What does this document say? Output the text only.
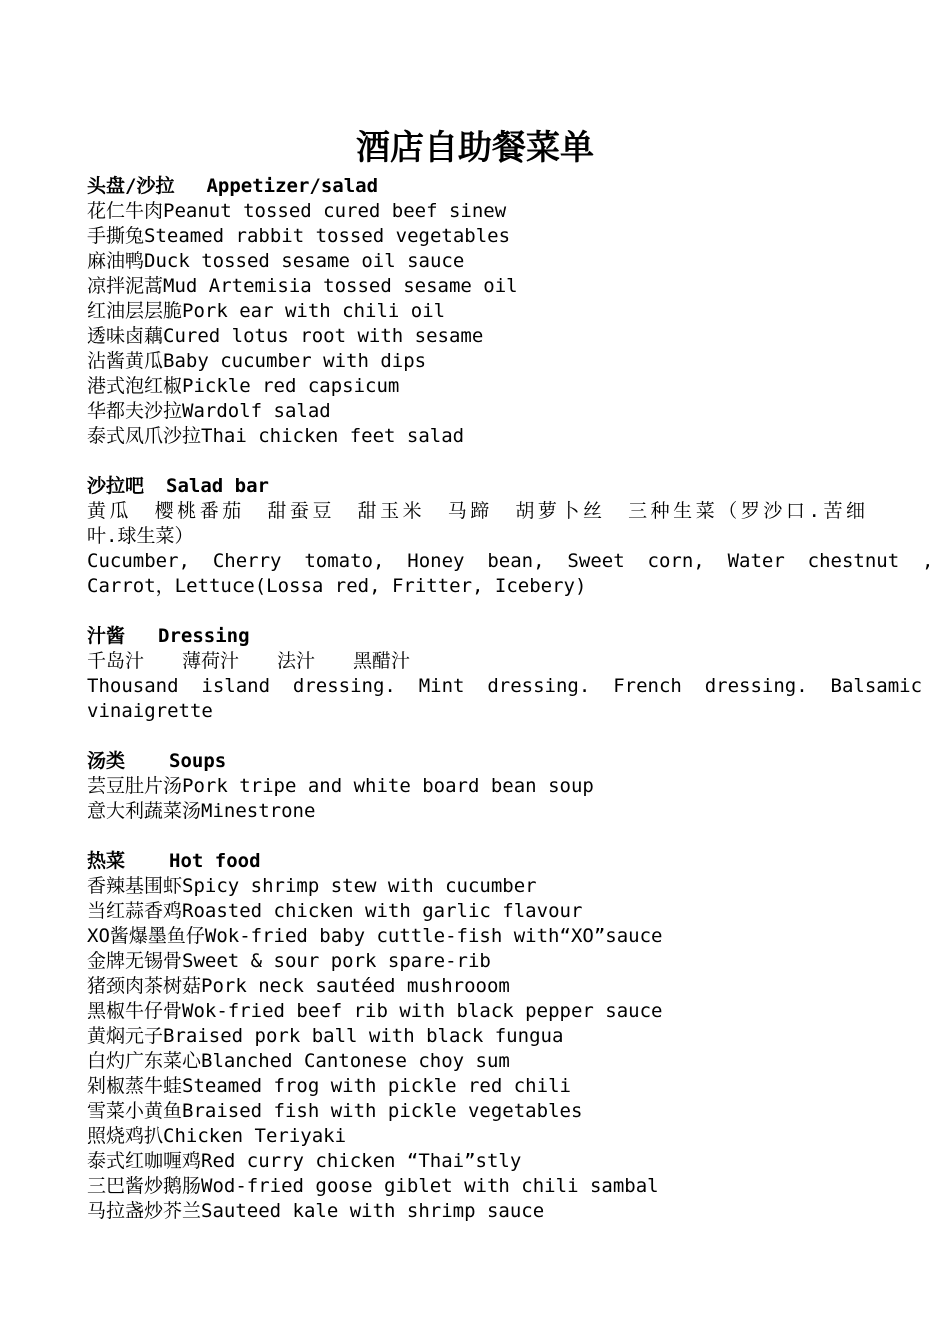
酒店自助餐菜单
头盘/沙拉 Appetizer/salad
花仁牛肉Peanut tossed cured beef sinew
手撕兔Steamed rabbit tossed vegetables
麻油鸭Duck tossed sesame oil sauce
凉拌泥蒿Mud Artemisia tossed sesame oil
红油层层脆Pork ear with chili oil
透味卤藕Cured lotus root with sesame
沾酱黄瓜Baby cucumber with dips
港式泡红椒Pickle red capsicum
华都夫沙拉Wardolf salad
泰式凤爪沙拉Thai chicken feet salad
沙拉吧 Salad bar
黄瓜　樱桃番茄　甜蚕豆　甜玉米　马蹄　胡萝卜丝　三种生菜（罗沙口.苦细
叶.球生菜）
Cucumber,  Cherry  tomato,  Honey  bean,  Sweet  corn,  Water  chestnut  ,
Carrot，Lettuce(Lossa red, Fritter, Icebery)
汁酱 Dressing
千岛汁　　薄荷汁　　法汁　　黑醋汁
Thousand  island  dressing.  Mint  dressing.  French  dressing.  Balsamic
vinaigrette
汤类 Soups
芸豆肚片汤Pork tripe and white board bean soup
意大利蔬菜汤Minestrone
热菜 Hot food
香辣基围虾Spicy shrimp stew with cucumber
当红蒜香鸡Roasted chicken with garlic flavour
XO酱爆墨鱼仔Wok-fried baby cuttle-fish with“XO”sauce
金牌无锡骨Sweet & sour pork spare-rib
猪颈肉茶树菇Pork neck sautéed mushrooom
黑椒牛仔骨Wok-fried beef rib with black pepper sauce
黄焖元子Braised pork ball with black fungua
白灼广东菜心Blanched Cantonese choy sum
剁椒蒸牛蛙Steamed frog with pickle red chili
雪菜小黄鱼Braised fish with pickle vegetables
照烧鸡扒Chicken Teriyaki
泰式红咖喱鸡Red curry chicken “Thai”stly
三巴酱炒鹅肠Wod-fried goose giblet with chili sambal
马拉盏炒芥兰Sauteed kale with shrimp sauce
